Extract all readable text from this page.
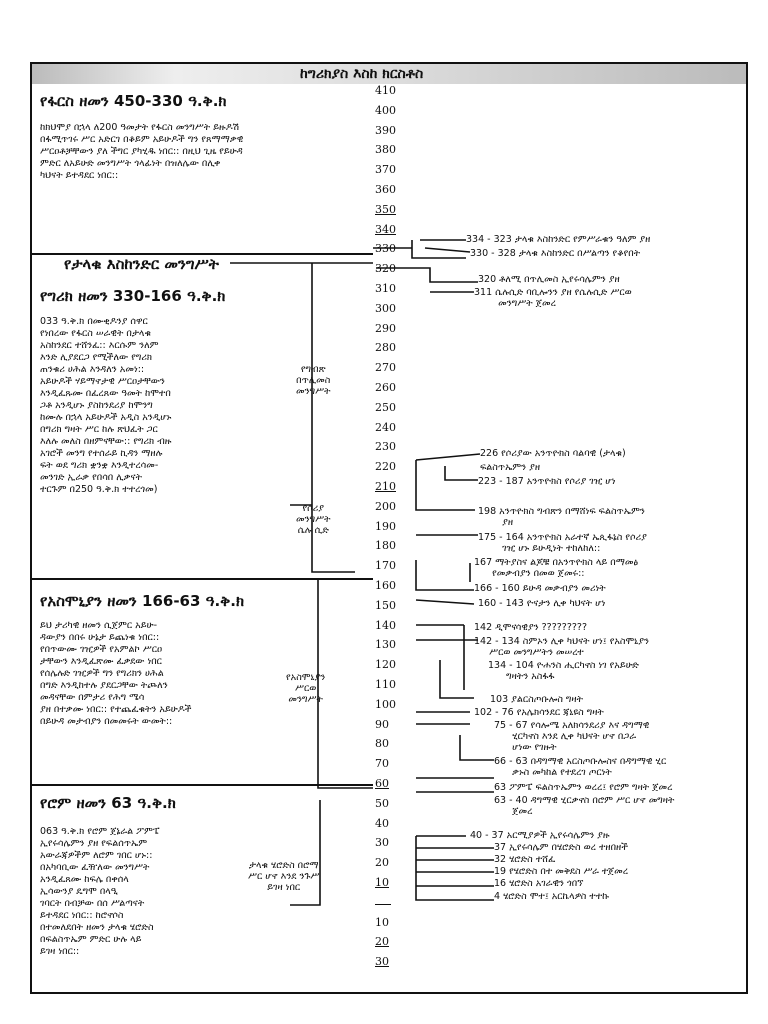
ከግሪክያስ እስከ ክርስቶስ
የፋርስ ዘመን 450-330 ዓ.ቅ.ክ
ከክህሞያ በኋላ ለ200 ዓመታት የፋርስ መንግሥት ይዙዶሽ
በፋሚጥገሩ ሥር አድርገ በቆይም አይሁዶች ግን የጸማማቃዊ
ሥርዐቶቻቸውን ያለ ችግር ያካሂዱ ነበር:: በዚህ ጊዜ የይሁዳ
ምድር ለአይሁድ መንግሥት ጎላፊነት በዝለሌው በሊቀ
ካህናት ይተዳደር ነበር::
የታላቁ እስከንድር መንግሥት
የግሪክ ዘመን 330-166 ዓ.ቅ.ክ
033 ዓ.ቅ.ክ በሙቂዶንያ ሰዋር
የነበረው የፋርስ ሠራዊት በታላቁ
አስከንደር ተሸንፈ:: እርሱም ንለም
እንድ ሊያደርጋ የሚችለው የግሪክ
ጠንቁሪ ሀሕል እንዳለን አመነ::
አይሁዶች ሃይማኖታዊ ሥርዐታቸውን
እንዲፈጹሙ በፈረጸው ዓመት ከሞተበ
ጋቶ አንዲሆኑ ያስከንደሪያ ከሞንግ
ከሙሉ በኋላ አይሁዶች አዲስ አንዲሆኑ
በግሪክ ግዛት ሥር ከሉ ጽህፈት ጋር
እለሉ መለስ በዘምናቸው:: የግሪክ ብዙ
አገሮች መንግ የተሰራይ ኪዳን ማዘሉ
ፍት ወደ ግሪክ ቋንቋ እንዲተረሳመ-
መንገድ ኢራቃ የበሳበ ሊቃናት
ተርጉም በ250 ዓ.ቅ.ክ ተተረጎመ)
የአስሞኒያን ዘመን 166-63 ዓ.ቅ.ክ
ይህ ታሪካዊ ዘመን ሲጀምር አይሁ-
ዳውያን በበሩ ሁኔታ ይጨነቁ ነበር::
የበጥውሙ ገዢዎች የአምልኮ ሥርዐ
ታቸውን እንዲፈጽሙ ፈቃደው ነበር
የሰሌሉድ ገዢዎች ግን የግሪክን ሀሕል
በግድ እንዲከተሉ ያደርጋቸው ትጮለን
መዳናቸው በምታሪ የሕግ ሜሳ
ያዘ በተቃሙ ነበር:: የተጨፈቁትን አይሁዶች
በይሁዳ መታብያን በመመሩት ውመት::
የሮም ዘመን 63 ዓ.ቅ.ክ
063 ዓ.ቅ.ክ የሮም ጀኔራል ፖምፔ
ኢየሩሳሌምን ያዘ የፍልሰጥኤም
አውራጃዎችም ለሮም ገበር ሆኑ::
በአካባቢው ፈዥለው መንግሥት
አንዲፈጸሙ ከፍሌ በቀሰላ
ኢሳውንያ ዴግሞ በላዒ
ገባርት በብቻው በሰ ሥልጣናት
ይተዳደር ነበር:: ከሮኖሶስ
በተመለደበት ዘመን ታላቁ ሄሮድስ
በፍልስጥኤም ምድር ሁሉ ላይ
ይገዛ ነበር::
የግብጽ
በጥሊመስ
መንግሥት
የሶሪያ
መንግሥት
ሴሉ ሲድ
የአስሞኒያን
ሥርወ
መንግሥት
ታላቁ ሄሮድስ በሮማ
ሥር ሆኖ እንደ ንጉሥ
ይገዛ ነበር
410
400
390
380
370
360
350
340
330
320
310
300
290
280
270
260
250
240
230
220
210
200
190
180
170
160
150
140
130
120
110
100
90
80
70
60
50
40
30
20
10
10
20
30
334 - 323 ታላቁ እስከንድር የምሥራቁን ዓለም ያዘ
330 - 328 ታላቁ እስከንድር በሥልጣን የቆየበት
320 ቶለሚ በጥሊመስ ኢየሩሳሌምን ያዘ
311 ሴሉሲድ ባቢሎንን ያዘ የሴሉሲድ ሥርወ
መንግሥት ጀመረ
226 የሶሪያው አንጥዮክስ ባልባዊ (ታላቁ)
ፍልስጥኤምን ያዘ
223 - 187 አንጥዮክስ የሶሪያ ገዢ ሆነ
198 አንጥዮክስ ግብጽን በማሸነፍ ፍልስጥኤምን
ያዘ
175 - 164 አንጥዮክስ አራተኛ ኤጲፋኔስ የሶሪያ
ገዢ ሆኑ ይሁዲነት ተከለከለ::
167 ማትያስና ልጆቹ በአንጥዮክስ ላይ በማመፅ
የመቃብያን በመወ ጀመሩ::
166 - 160 ይሁዳ መቃብያን መሪነት
160 - 143 ዮናታን ሊቀ ካህናት ሆነ
142 ዲሞናሳዊያን ?????????
142 - 134 ስምኦን ሊቀ ካህናት ሆነ፤ የአስሞኒያን
ሥርወ መንግሥትን መሠረተ
134 - 104 ዮሐንስ ሒርካኖስ ነገ የአይሁድ
ግዛትን አስፋፋ
103 ያልርስጦቡሎስ ግዛት
102 - 76 የአሌክሳንደር ጃኒዩስ ግዛት
75 - 67 የሳሎሜ አለክሳንደሪያ እና ዳግማዊ
ሂርካኖስ እንደ ሊቀ ካህናት ሆኖ በጋራ
ሆነው የገዙት
66 - 63 በዳግማዊ አርስጦቡሎስና በዳግማዊ ሂር
ቃኑስ መካከል የተደረገ ጦርነት
63 ፖምፔ ፍልስጥኤምን ወረረ፤ የሮም ግዛት ጀመረ
63 - 40 ዳግማዊ ሂርቃኖስ በሮም ሥር ሆኖ መግዛት
ጀመረ
40 - 37 አርሚያዎች ኢየሩሳሌምን ያዙ
37 ኢየሩሳሌም በሄሮድስ ወረ ተዘበዘች
32 ሄሮድስ ተሸፈ
19 የሄሮድስ በተ መቅደስ ሥራ ተጀመረ
16 ሄሮድስ አገራዊን ጎበኘ
4 ሄሮድስ ሞተ፤ አርኬላዎስ ተተኩ
